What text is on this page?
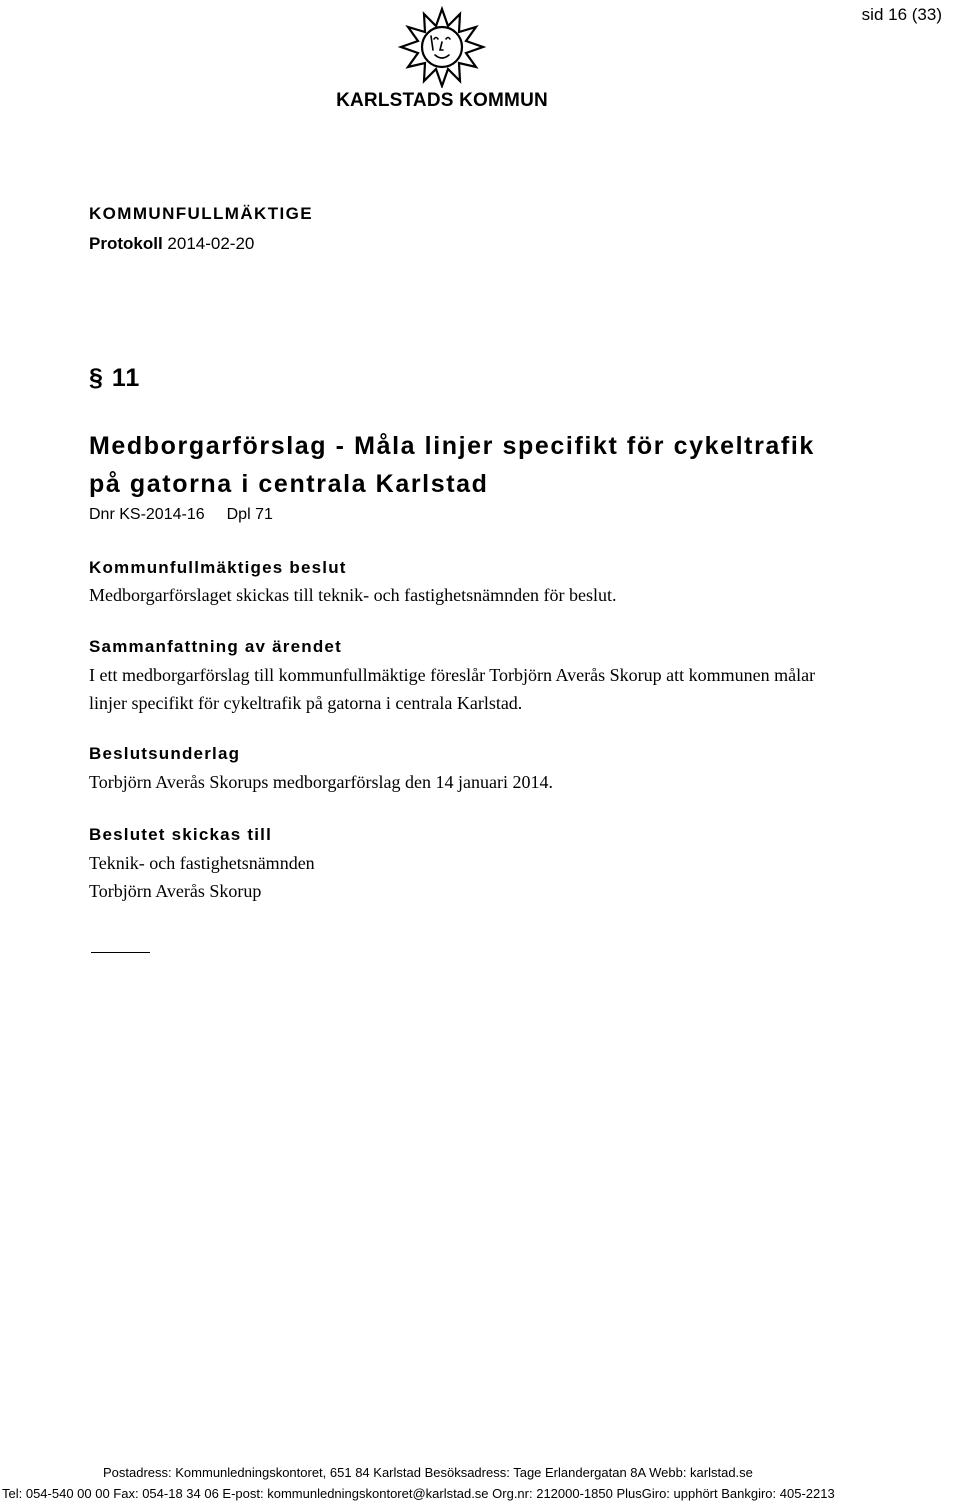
sid 16 (33)
KARLSTADS KOMMUN
KOMMUNFULLMÄKTIGE
Protokoll 2014-02-20
§ 11
Medborgarförslag - Måla linjer specifikt för cykeltrafik på gatorna i centrala Karlstad
Dnr KS-2014-16 Dpl 71
Kommunfullmäktiges beslut

Medborgarförslaget skickas till teknik- och fastighetsnämnden för beslut.

Sammanfattning av ärendet

I ett medborgarförslag till kommunfullmäktige föreslår Torbjörn Averås Skorup att kommunen målar linjer specifikt för cykeltrafik på gatorna i centrala Karlstad.

Beslutsunderlag

Torbjörn Averås Skorups medborgarförslag den 14 januari 2014.

Beslutet skickas till

Teknik- och fastighetsnämnden

Torbjörn Averås Skorup

Postadress: Kommunledningskontoret, 651 84 Karlstad Besöksadress: Tage Erlandergatan 8A Webb: karlstad.se
Tel: 054-540 00 00 Fax: 054-18 34 06 E-post: kommunledningskontoret@karlstad.se Org.nr: 212000-1850 PlusGiro: upphört Bankgiro: 405-2213
